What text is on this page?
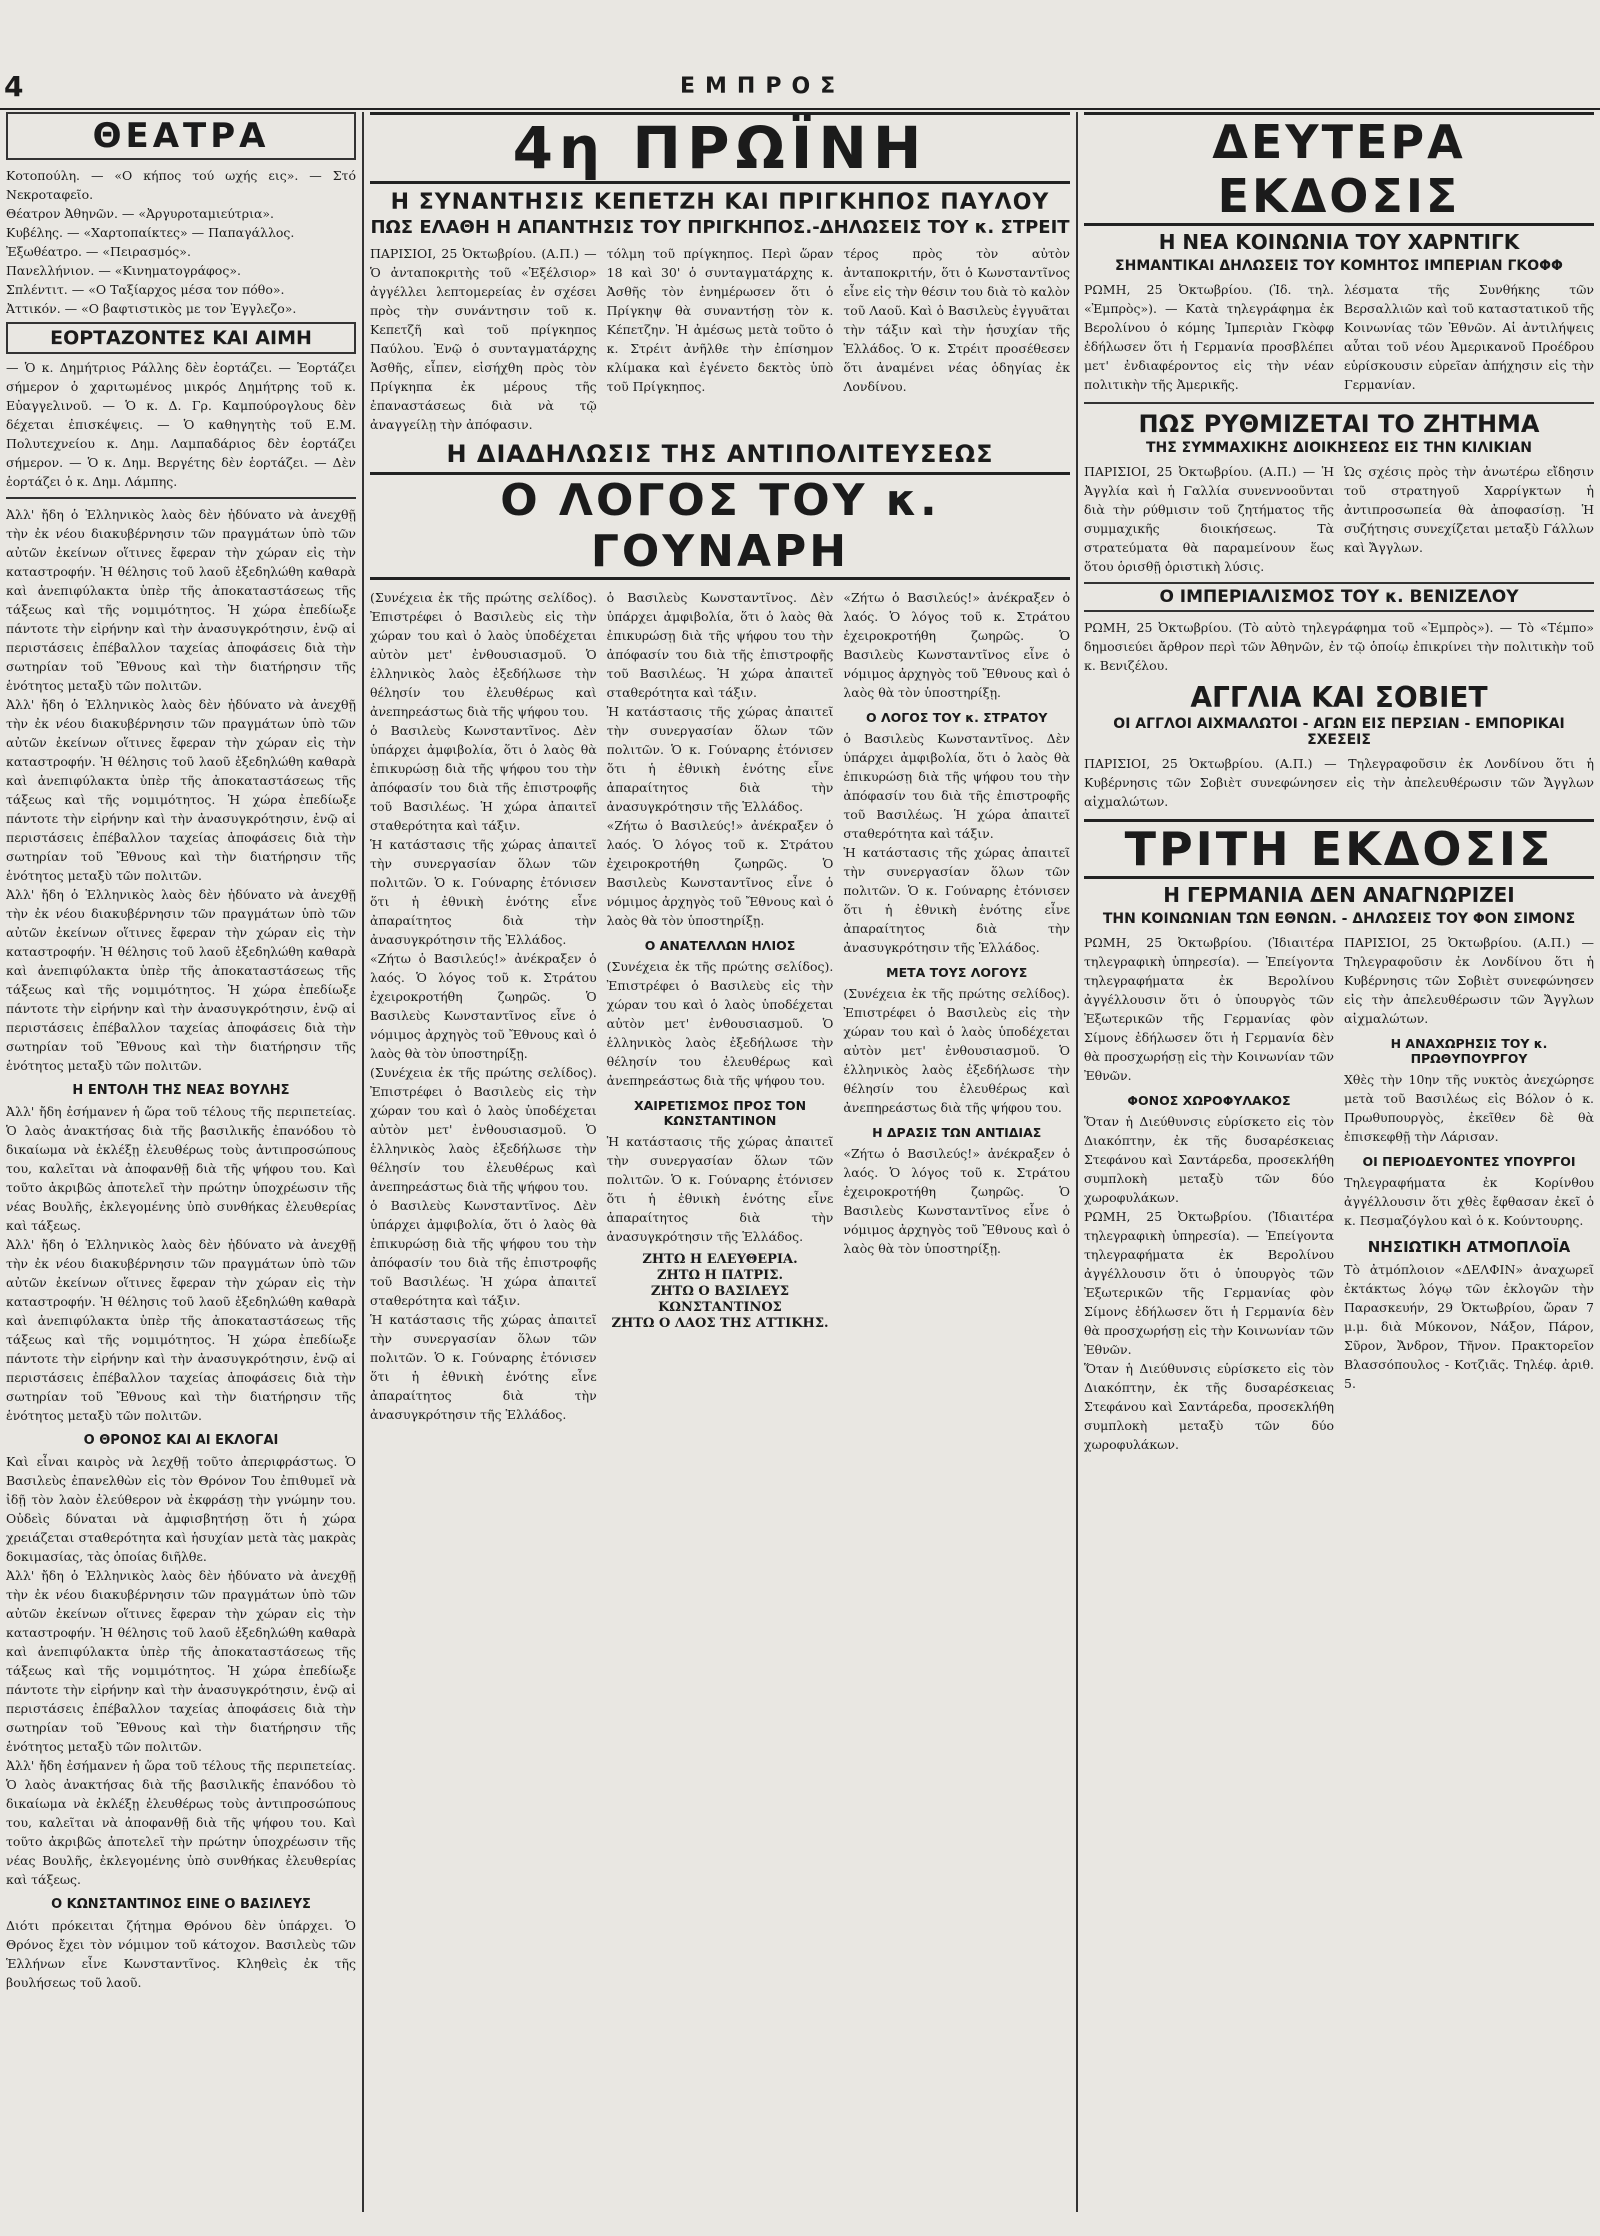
4	ΕΜΠΡΟΣ
ΘΕΑΤΡΑ
Κοτοπούλη. — «Ο κήπος τού ωχής εις». — Στό Νεκροταφεῖο.
Θέατρον Ἀθηνῶν. — «Ἀργυροταμιεύτρια».
Κυβέλης. — «Χαρτοπαίκτες» — Παπαγάλλος.
Ἐξωθέατρο. — «Πειρασμός».
Πανελλήνιον. — «Κινηματογράφος».
Σπλέντιτ. — «Ο Ταξίαρχος μέσα τον πόθο».
Ἀττικόν. — «Ο βαφτιστικὸς με τον Ἐγγλεζο».
ΕΟΡΤΑΖΟΝΤΕΣ ΚΑΙ ΑΙΜΗ
— Ὁ κ. Δημήτριος Ράλλης δὲν ἑορτάζει. — Ἑορτάζει σήμερον ὁ χαριτωμένος μικρός Δημήτρης τοῦ κ. Εὐαγγελινοῦ. — Ὁ κ. Δ. Γρ. Καμπούρογλους δὲν δέχεται ἐπισκέψεις. — Ὁ καθηγητὴς τοῦ Ε.Μ. Πολυτεχνείου κ. Δημ. Λαμπαδάριος δὲν ἑορτάζει σήμερον. — Ὁ κ. Δημ. Βεργέτης δὲν ἑορτάζει. — Δὲν ἑορτάζει ὁ κ. Δημ. Λάμπης.
Ἀλλ' ἤδη ὁ Ἑλληνικὸς λαὸς δὲν ἠδύνατο νὰ ἀνεχθῇ τὴν ἐκ νέου διακυβέρνησιν τῶν πραγμάτων ὑπὸ τῶν αὐτῶν ἐκείνων οἵτινες ἔφεραν τὴν χώραν εἰς τὴν καταστροφήν. Ἡ θέλησις τοῦ λαοῦ ἐξεδηλώθη καθαρὰ καὶ ἀνεπιφύλακτα ὑπὲρ τῆς ἀποκαταστάσεως τῆς τάξεως καὶ τῆς νομιμότητος. Ἡ χώρα ἐπεδίωξε πάντοτε τὴν εἰρήνην καὶ τὴν ἀνασυγκρότησιν, ἐνῷ αἱ περιστάσεις ἐπέβαλλον ταχείας ἀποφάσεις διὰ τὴν σωτηρίαν τοῦ Ἔθνους καὶ τὴν διατήρησιν τῆς ἑνότητος μεταξὺ τῶν πολιτῶν.
Ἀλλ' ἤδη ὁ Ἑλληνικὸς λαὸς δὲν ἠδύνατο νὰ ἀνεχθῇ τὴν ἐκ νέου διακυβέρνησιν τῶν πραγμάτων ὑπὸ τῶν αὐτῶν ἐκείνων οἵτινες ἔφεραν τὴν χώραν εἰς τὴν καταστροφήν. Ἡ θέλησις τοῦ λαοῦ ἐξεδηλώθη καθαρὰ καὶ ἀνεπιφύλακτα ὑπὲρ τῆς ἀποκαταστάσεως τῆς τάξεως καὶ τῆς νομιμότητος. Ἡ χώρα ἐπεδίωξε πάντοτε τὴν εἰρήνην καὶ τὴν ἀνασυγκρότησιν, ἐνῷ αἱ περιστάσεις ἐπέβαλλον ταχείας ἀποφάσεις διὰ τὴν σωτηρίαν τοῦ Ἔθνους καὶ τὴν διατήρησιν τῆς ἑνότητος μεταξὺ τῶν πολιτῶν.
Ἀλλ' ἤδη ὁ Ἑλληνικὸς λαὸς δὲν ἠδύνατο νὰ ἀνεχθῇ τὴν ἐκ νέου διακυβέρνησιν τῶν πραγμάτων ὑπὸ τῶν αὐτῶν ἐκείνων οἵτινες ἔφεραν τὴν χώραν εἰς τὴν καταστροφήν. Ἡ θέλησις τοῦ λαοῦ ἐξεδηλώθη καθαρὰ καὶ ἀνεπιφύλακτα ὑπὲρ τῆς ἀποκαταστάσεως τῆς τάξεως καὶ τῆς νομιμότητος. Ἡ χώρα ἐπεδίωξε πάντοτε τὴν εἰρήνην καὶ τὴν ἀνασυγκρότησιν, ἐνῷ αἱ περιστάσεις ἐπέβαλλον ταχείας ἀποφάσεις διὰ τὴν σωτηρίαν τοῦ Ἔθνους καὶ τὴν διατήρησιν τῆς ἑνότητος μεταξὺ τῶν πολιτῶν.
Η ΕΝΤΟΛΗ ΤΗΣ ΝΕΑΣ ΒΟΥΛΗΣ
Ἀλλ' ἤδη ἐσήμανεν ἡ ὥρα τοῦ τέλους τῆς περιπετείας. Ὁ λαὸς ἀνακτήσας διὰ τῆς βασιλικῆς ἐπανόδου τὸ δικαίωμα νὰ ἐκλέξῃ ἐλευθέρως τοὺς ἀντιπροσώπους του, καλεῖται νὰ ἀποφανθῇ διὰ τῆς ψήφου του. Καὶ τοῦτο ἀκριβῶς ἀποτελεῖ τὴν πρώτην ὑποχρέωσιν τῆς νέας Βουλῆς, ἐκλεγομένης ὑπὸ συνθήκας ἐλευθερίας καὶ τάξεως.
Ἀλλ' ἤδη ὁ Ἑλληνικὸς λαὸς δὲν ἠδύνατο νὰ ἀνεχθῇ τὴν ἐκ νέου διακυβέρνησιν τῶν πραγμάτων ὑπὸ τῶν αὐτῶν ἐκείνων οἵτινες ἔφεραν τὴν χώραν εἰς τὴν καταστροφήν. Ἡ θέλησις τοῦ λαοῦ ἐξεδηλώθη καθαρὰ καὶ ἀνεπιφύλακτα ὑπὲρ τῆς ἀποκαταστάσεως τῆς τάξεως καὶ τῆς νομιμότητος. Ἡ χώρα ἐπεδίωξε πάντοτε τὴν εἰρήνην καὶ τὴν ἀνασυγκρότησιν, ἐνῷ αἱ περιστάσεις ἐπέβαλλον ταχείας ἀποφάσεις διὰ τὴν σωτηρίαν τοῦ Ἔθνους καὶ τὴν διατήρησιν τῆς ἑνότητος μεταξὺ τῶν πολιτῶν.
Ο ΘΡΟΝΟΣ ΚΑΙ ΑΙ ΕΚΛΟΓΑΙ
Καὶ εἶναι καιρὸς νὰ λεχθῇ τοῦτο ἀπεριφράστως. Ὁ Βασιλεὺς ἐπανελθὼν εἰς τὸν Θρόνον Του ἐπιθυμεῖ νὰ ἰδῇ τὸν λαὸν ἐλεύθερον νὰ ἐκφράσῃ τὴν γνώμην του. Οὐδεὶς δύναται νὰ ἀμφισβητήσῃ ὅτι ἡ χώρα χρειάζεται σταθερότητα καὶ ἡσυχίαν μετὰ τὰς μακρὰς δοκιμασίας, τὰς ὁποίας διῆλθε.
Ἀλλ' ἤδη ὁ Ἑλληνικὸς λαὸς δὲν ἠδύνατο νὰ ἀνεχθῇ τὴν ἐκ νέου διακυβέρνησιν τῶν πραγμάτων ὑπὸ τῶν αὐτῶν ἐκείνων οἵτινες ἔφεραν τὴν χώραν εἰς τὴν καταστροφήν. Ἡ θέλησις τοῦ λαοῦ ἐξεδηλώθη καθαρὰ καὶ ἀνεπιφύλακτα ὑπὲρ τῆς ἀποκαταστάσεως τῆς τάξεως καὶ τῆς νομιμότητος. Ἡ χώρα ἐπεδίωξε πάντοτε τὴν εἰρήνην καὶ τὴν ἀνασυγκρότησιν, ἐνῷ αἱ περιστάσεις ἐπέβαλλον ταχείας ἀποφάσεις διὰ τὴν σωτηρίαν τοῦ Ἔθνους καὶ τὴν διατήρησιν τῆς ἑνότητος μεταξὺ τῶν πολιτῶν.
Ἀλλ' ἤδη ἐσήμανεν ἡ ὥρα τοῦ τέλους τῆς περιπετείας. Ὁ λαὸς ἀνακτήσας διὰ τῆς βασιλικῆς ἐπανόδου τὸ δικαίωμα νὰ ἐκλέξῃ ἐλευθέρως τοὺς ἀντιπροσώπους του, καλεῖται νὰ ἀποφανθῇ διὰ τῆς ψήφου του. Καὶ τοῦτο ἀκριβῶς ἀποτελεῖ τὴν πρώτην ὑποχρέωσιν τῆς νέας Βουλῆς, ἐκλεγομένης ὑπὸ συνθήκας ἐλευθερίας καὶ τάξεως.
Ο ΚΩΝΣΤΑΝΤΙΝΟΣ ΕΙΝΕ Ο ΒΑΣΙΛΕΥΣ
Διότι πρόκειται ζήτημα Θρόνου δὲν ὑπάρχει. Ὁ Θρόνος ἔχει τὸν νόμιμον τοῦ κάτοχον. Βασιλεὺς τῶν Ἑλλήνων εἶνε Κωνσταντῖνος. Κληθεὶς ἐκ τῆς βουλήσεως τοῦ λαοῦ.
4η ΠΡΩΪΝΗ
Η ΣΥΝΑΝΤΗΣΙΣ ΚΕΠΕΤΖΗ ΚΑΙ ΠΡΙΓΚΗΠΟΣ ΠΑΥΛΟΥ
ΠΩΣ ΕΛΑΘΗ Η ΑΠΑΝΤΗΣΙΣ ΤΟΥ ΠΡΙΓΚΗΠΟΣ.-ΔΗΛΩΣΕΙΣ ΤΟΥ κ. ΣΤΡΕΙΤ
ΠΑΡΙΣΙΟΙ, 25 Ὀκτωβρίου. (Α.Π.) — Ὁ ἀνταποκριτὴς τοῦ «Ἐξέλσιορ» ἀγγέλλει λεπτομερείας ἐν σχέσει πρὸς τὴν συνάντησιν τοῦ κ. Κεπετζῆ καὶ τοῦ πρίγκηπος Παύλου. Ἐνῷ ὁ συνταγματάρχης Ἀσθῆς, εἶπεν, εἰσήχθη πρὸς τὸν Πρίγκηπα ἐκ μέρους τῆς ἐπαναστάσεως διὰ νὰ τῷ ἀναγγείλῃ τὴν ἀπόφασιν.
τόλμη τοῦ πρίγκηπος. Περὶ ὥραν 18 καὶ 30' ὁ συνταγματάρχης κ. Ἀσθῆς τὸν ἐνημέρωσεν ὅτι ὁ Πρίγκηψ θὰ συναντήσῃ τὸν κ. Κέπετζην. Ἡ ἀμέσως μετὰ τοῦτο ὁ κ. Στρέιτ ἀνῆλθε τὴν ἐπίσημον κλίμακα καὶ ἐγένετο δεκτὸς ὑπὸ τοῦ Πρίγκηπος.
τέρος πρὸς τὸν αὐτὸν ἀνταποκριτήν, ὅτι ὁ Κωνσταντῖνος εἶνε εἰς τὴν θέσιν του διὰ τὸ καλὸν τοῦ Λαοῦ. Καὶ ὁ Βασιλεὺς ἐγγυᾶται τὴν τάξιν καὶ τὴν ἡσυχίαν τῆς Ἑλλάδος. Ὁ κ. Στρέιτ προσέθεσεν ὅτι ἀναμένει νέας ὁδηγίας ἐκ Λονδίνου.
Η ΔΙΑΔΗΛΩΣΙΣ ΤΗΣ ΑΝΤΙΠΟΛΙΤΕΥΣΕΩΣ
Ο ΛΟΓΟΣ ΤΟΥ κ. ΓΟΥΝΑΡΗ
(Συνέχεια ἐκ τῆς πρώτης σελίδος). Ἐπιστρέφει ὁ Βασιλεὺς εἰς τὴν χώραν του καὶ ὁ λαὸς ὑποδέχεται αὐτὸν μετ' ἐνθουσιασμοῦ. Ὁ ἑλληνικὸς λαὸς ἐξεδήλωσε τὴν θέλησίν του ἐλευθέρως καὶ ἀνεπηρεάστως διὰ τῆς ψήφου του.
ὁ Βασιλεὺς Κωνσταντῖνος. Δὲν ὑπάρχει ἀμφιβολία, ὅτι ὁ λαὸς θὰ ἐπικυρώσῃ διὰ τῆς ψήφου του τὴν ἀπόφασίν του διὰ τῆς ἐπιστροφῆς τοῦ Βασιλέως. Ἡ χώρα ἀπαιτεῖ σταθερότητα καὶ τάξιν.
Ἡ κατάστασις τῆς χώρας ἀπαιτεῖ τὴν συνεργασίαν ὅλων τῶν πολιτῶν. Ὁ κ. Γούναρης ἐτόνισεν ὅτι ἡ ἐθνικὴ ἑνότης εἶνε ἀπαραίτητος διὰ τὴν ἀνασυγκρότησιν τῆς Ἑλλάδος.
«Ζήτω ὁ Βασιλεύς!» ἀνέκραξεν ὁ λαός. Ὁ λόγος τοῦ κ. Στράτου ἐχειροκροτήθη ζωηρῶς. Ὁ Βασιλεὺς Κωνσταντῖνος εἶνε ὁ νόμιμος ἀρχηγὸς τοῦ Ἔθνους καὶ ὁ λαὸς θὰ τὸν ὑποστηρίξῃ.
(Συνέχεια ἐκ τῆς πρώτης σελίδος). Ἐπιστρέφει ὁ Βασιλεὺς εἰς τὴν χώραν του καὶ ὁ λαὸς ὑποδέχεται αὐτὸν μετ' ἐνθουσιασμοῦ. Ὁ ἑλληνικὸς λαὸς ἐξεδήλωσε τὴν θέλησίν του ἐλευθέρως καὶ ἀνεπηρεάστως διὰ τῆς ψήφου του.
ὁ Βασιλεὺς Κωνσταντῖνος. Δὲν ὑπάρχει ἀμφιβολία, ὅτι ὁ λαὸς θὰ ἐπικυρώσῃ διὰ τῆς ψήφου του τὴν ἀπόφασίν του διὰ τῆς ἐπιστροφῆς τοῦ Βασιλέως. Ἡ χώρα ἀπαιτεῖ σταθερότητα καὶ τάξιν.
Ἡ κατάστασις τῆς χώρας ἀπαιτεῖ τὴν συνεργασίαν ὅλων τῶν πολιτῶν. Ὁ κ. Γούναρης ἐτόνισεν ὅτι ἡ ἐθνικὴ ἑνότης εἶνε ἀπαραίτητος διὰ τὴν ἀνασυγκρότησιν τῆς Ἑλλάδος.
ὁ Βασιλεὺς Κωνσταντῖνος. Δὲν ὑπάρχει ἀμφιβολία, ὅτι ὁ λαὸς θὰ ἐπικυρώσῃ διὰ τῆς ψήφου του τὴν ἀπόφασίν του διὰ τῆς ἐπιστροφῆς τοῦ Βασιλέως. Ἡ χώρα ἀπαιτεῖ σταθερότητα καὶ τάξιν.
Ἡ κατάστασις τῆς χώρας ἀπαιτεῖ τὴν συνεργασίαν ὅλων τῶν πολιτῶν. Ὁ κ. Γούναρης ἐτόνισεν ὅτι ἡ ἐθνικὴ ἑνότης εἶνε ἀπαραίτητος διὰ τὴν ἀνασυγκρότησιν τῆς Ἑλλάδος.
«Ζήτω ὁ Βασιλεύς!» ἀνέκραξεν ὁ λαός. Ὁ λόγος τοῦ κ. Στράτου ἐχειροκροτήθη ζωηρῶς. Ὁ Βασιλεὺς Κωνσταντῖνος εἶνε ὁ νόμιμος ἀρχηγὸς τοῦ Ἔθνους καὶ ὁ λαὸς θὰ τὸν ὑποστηρίξῃ.
Ο ΑΝΑΤΕΛΛΩΝ ΗΛΙΟΣ
(Συνέχεια ἐκ τῆς πρώτης σελίδος). Ἐπιστρέφει ὁ Βασιλεὺς εἰς τὴν χώραν του καὶ ὁ λαὸς ὑποδέχεται αὐτὸν μετ' ἐνθουσιασμοῦ. Ὁ ἑλληνικὸς λαὸς ἐξεδήλωσε τὴν θέλησίν του ἐλευθέρως καὶ ἀνεπηρεάστως διὰ τῆς ψήφου του.
ΧΑΙΡΕΤΙΣΜΟΣ ΠΡΟΣ ΤΟΝ ΚΩΝΣΤΑΝΤΙΝΟΝ
Ἡ κατάστασις τῆς χώρας ἀπαιτεῖ τὴν συνεργασίαν ὅλων τῶν πολιτῶν. Ὁ κ. Γούναρης ἐτόνισεν ὅτι ἡ ἐθνικὴ ἑνότης εἶνε ἀπαραίτητος διὰ τὴν ἀνασυγκρότησιν τῆς Ἑλλάδος.
ΖΗΤΩ Η ΕΛΕΥΘΕΡΙΑ.
ΖΗΤΩ Η ΠΑΤΡΙΣ.
ΖΗΤΩ Ο ΒΑΣΙΛΕΥΣ ΚΩΝΣΤΑΝΤΙΝΟΣ
ΖΗΤΩ Ο ΛΑΟΣ ΤΗΣ ΑΤΤΙΚΗΣ.
«Ζήτω ὁ Βασιλεύς!» ἀνέκραξεν ὁ λαός. Ὁ λόγος τοῦ κ. Στράτου ἐχειροκροτήθη ζωηρῶς. Ὁ Βασιλεὺς Κωνσταντῖνος εἶνε ὁ νόμιμος ἀρχηγὸς τοῦ Ἔθνους καὶ ὁ λαὸς θὰ τὸν ὑποστηρίξῃ.
Ο ΛΟΓΟΣ ΤΟΥ κ. ΣΤΡΑΤΟΥ
ὁ Βασιλεὺς Κωνσταντῖνος. Δὲν ὑπάρχει ἀμφιβολία, ὅτι ὁ λαὸς θὰ ἐπικυρώσῃ διὰ τῆς ψήφου του τὴν ἀπόφασίν του διὰ τῆς ἐπιστροφῆς τοῦ Βασιλέως. Ἡ χώρα ἀπαιτεῖ σταθερότητα καὶ τάξιν.
Ἡ κατάστασις τῆς χώρας ἀπαιτεῖ τὴν συνεργασίαν ὅλων τῶν πολιτῶν. Ὁ κ. Γούναρης ἐτόνισεν ὅτι ἡ ἐθνικὴ ἑνότης εἶνε ἀπαραίτητος διὰ τὴν ἀνασυγκρότησιν τῆς Ἑλλάδος.
ΜΕΤΑ ΤΟΥΣ ΛΟΓΟΥΣ
(Συνέχεια ἐκ τῆς πρώτης σελίδος). Ἐπιστρέφει ὁ Βασιλεὺς εἰς τὴν χώραν του καὶ ὁ λαὸς ὑποδέχεται αὐτὸν μετ' ἐνθουσιασμοῦ. Ὁ ἑλληνικὸς λαὸς ἐξεδήλωσε τὴν θέλησίν του ἐλευθέρως καὶ ἀνεπηρεάστως διὰ τῆς ψήφου του.
Η ΔΡΑΣΙΣ ΤΩΝ ΑΝΤΙΔΙΑΣ
«Ζήτω ὁ Βασιλεύς!» ἀνέκραξεν ὁ λαός. Ὁ λόγος τοῦ κ. Στράτου ἐχειροκροτήθη ζωηρῶς. Ὁ Βασιλεὺς Κωνσταντῖνος εἶνε ὁ νόμιμος ἀρχηγὸς τοῦ Ἔθνους καὶ ὁ λαὸς θὰ τὸν ὑποστηρίξῃ.
ΔΕΥΤΕΡΑ ΕΚΔΟΣΙΣ
Η ΝΕΑ ΚΟΙΝΩΝΙΑ ΤΟΥ ΧΑΡΝΤΙΓΚ
ΣΗΜΑΝΤΙΚΑΙ ΔΗΛΩΣΕΙΣ ΤΟΥ ΚΟΜΗΤΟΣ ΙΜΠΕΡΙΑΝ ΓΚΟΦΦ
ΡΩΜΗ, 25 Ὀκτωβρίου. (Ἰδ. τηλ. «Ἐμπρὸς»). — Κατὰ τηλεγράφημα ἐκ Βερολίνου ὁ κόμης Ἰμπεριὰν Γκὸφφ ἐδήλωσεν ὅτι ἡ Γερμανία προσβλέπει μετ' ἐνδιαφέροντος εἰς τὴν νέαν πολιτικὴν τῆς Ἀμερικῆς.
λέσματα τῆς Συνθήκης τῶν Βερσαλλιῶν καὶ τοῦ καταστατικοῦ τῆς Κοινωνίας τῶν Ἐθνῶν. Αἱ ἀντιλήψεις αὗται τοῦ νέου Ἀμερικανοῦ Προέδρου εὑρίσκουσιν εὐρεῖαν ἀπήχησιν εἰς τὴν Γερμανίαν.
ΠΩΣ ΡΥΘΜΙΖΕΤΑΙ ΤΟ ΖΗΤΗΜΑ
ΤΗΣ ΣΥΜΜΑΧΙΚΗΣ ΔΙΟΙΚΗΣΕΩΣ ΕΙΣ ΤΗΝ ΚΙΛΙΚΙΑΝ
ΠΑΡΙΣΙΟΙ, 25 Ὀκτωβρίου. (Α.Π.) — Ἡ Ἀγγλία καὶ ἡ Γαλλία συνεννοοῦνται διὰ τὴν ρύθμισιν τοῦ ζητήματος τῆς συμμαχικῆς διοικήσεως. Τὰ στρατεύματα θὰ παραμείνουν ἕως ὅτου ὁρισθῇ ὁριστικὴ λύσις.
Ὡς σχέσις πρὸς τὴν ἀνωτέρω εἴδησιν τοῦ στρατηγοῦ Χαρρίγκτων ἡ ἀντιπροσωπεία θὰ ἀποφασίσῃ. Ἡ συζήτησις συνεχίζεται μεταξὺ Γάλλων καὶ Ἄγγλων.
Ο ΙΜΠΕΡΙΑΛΙΣΜΟΣ ΤΟΥ κ. ΒΕΝΙΖΕΛΟΥ
ΡΩΜΗ, 25 Ὀκτωβρίου. (Τὸ αὐτὸ τηλεγράφημα τοῦ «Ἐμπρὸς»). — Τὸ «Τέμπο» δημοσιεύει ἄρθρον περὶ τῶν Ἀθηνῶν, ἐν τῷ ὁποίῳ ἐπικρίνει τὴν πολιτικὴν τοῦ κ. Βενιζέλου.
ΑΓΓΛΙΑ ΚΑΙ ΣΟΒΙΕΤ
ΟΙ ΑΓΓΛΟΙ ΑΙΧΜΑΛΩΤΟΙ - ΑΓΩΝ ΕΙΣ ΠΕΡΣΙΑΝ - ΕΜΠΟΡΙΚΑΙ ΣΧΕΣΕΙΣ
ΠΑΡΙΣΙΟΙ, 25 Ὀκτωβρίου. (Α.Π.) — Τηλεγραφοῦσιν ἐκ Λονδίνου ὅτι ἡ Κυβέρνησις τῶν Σοβιὲτ συνεφώνησεν εἰς τὴν ἀπελευθέρωσιν τῶν Ἄγγλων αἰχμαλώτων.
ΤΡΙΤΗ ΕΚΔΟΣΙΣ
Η ΓΕΡΜΑΝΙΑ ΔΕΝ ΑΝΑΓΝΩΡΙΖΕΙ
ΤΗΝ ΚΟΙΝΩΝΙΑΝ ΤΩΝ ΕΘΝΩΝ. - ΔΗΛΩΣΕΙΣ ΤΟΥ ΦΟΝ ΣΙΜΟΝΣ
ΡΩΜΗ, 25 Ὀκτωβρίου. (Ἰδιαιτέρα τηλεγραφικὴ ὑπηρεσία). — Ἐπείγοντα τηλεγραφήματα ἐκ Βερολίνου ἀγγέλλουσιν ὅτι ὁ ὑπουργὸς τῶν Ἐξωτερικῶν τῆς Γερμανίας φὸν Σίμονς ἐδήλωσεν ὅτι ἡ Γερμανία δὲν θὰ προσχωρήσῃ εἰς τὴν Κοινωνίαν τῶν Ἐθνῶν.
ΦΟΝΟΣ ΧΩΡΟΦΥΛΑΚΟΣ
Ὅταν ἡ Διεύθυνσις εὑρίσκετο εἰς τὸν Διακόπτην, ἐκ τῆς δυσαρέσκειας Στεφάνου καὶ Σαντάρεδα, προσεκλήθη συμπλοκὴ μεταξὺ τῶν δύο χωροφυλάκων.
ΡΩΜΗ, 25 Ὀκτωβρίου. (Ἰδιαιτέρα τηλεγραφικὴ ὑπηρεσία). — Ἐπείγοντα τηλεγραφήματα ἐκ Βερολίνου ἀγγέλλουσιν ὅτι ὁ ὑπουργὸς τῶν Ἐξωτερικῶν τῆς Γερμανίας φὸν Σίμονς ἐδήλωσεν ὅτι ἡ Γερμανία δὲν θὰ προσχωρήσῃ εἰς τὴν Κοινωνίαν τῶν Ἐθνῶν.
Ὅταν ἡ Διεύθυνσις εὑρίσκετο εἰς τὸν Διακόπτην, ἐκ τῆς δυσαρέσκειας Στεφάνου καὶ Σαντάρεδα, προσεκλήθη συμπλοκὴ μεταξὺ τῶν δύο χωροφυλάκων.
ΠΑΡΙΣΙΟΙ, 25 Ὀκτωβρίου. (Α.Π.) — Τηλεγραφοῦσιν ἐκ Λονδίνου ὅτι ἡ Κυβέρνησις τῶν Σοβιὲτ συνεφώνησεν εἰς τὴν ἀπελευθέρωσιν τῶν Ἄγγλων αἰχμαλώτων.
Η ΑΝΑΧΩΡΗΣΙΣ ΤΟΥ κ. ΠΡΩΘΥΠΟΥΡΓΟΥ
Χθὲς τὴν 10ην τῆς νυκτὸς ἀνεχώρησε μετὰ τοῦ Βασιλέως εἰς Βόλον ὁ κ. Πρωθυπουργὸς, ἐκεῖθεν δὲ θὰ ἐπισκεφθῇ τὴν Λάρισαν.
ΟΙ ΠΕΡΙΟΔΕΥΟΝΤΕΣ ΥΠΟΥΡΓΟΙ
Τηλεγραφήματα ἐκ Κορίνθου ἀγγέλλουσιν ὅτι χθὲς ἔφθασαν ἐκεῖ ὁ κ. Πεσμαζόγλου καὶ ὁ κ. Κούντουρης.
ΝΗΣΙΩΤΙΚΗ ΑΤΜΟΠΛΟΪΑ
Τὸ ἀτμόπλοιον «ΔΕΛΦΙΝ» ἀναχωρεῖ ἐκτάκτως λόγῳ τῶν ἐκλογῶν τὴν Παρασκευήν, 29 Ὀκτωβρίου, ὥραν 7 μ.μ. διὰ Μύκονον, Νάξον, Πάρον, Σῦρον, Ἄνδρον, Τῆνον. Πρακτορεῖον Βλασσόπουλος - Κοτζιᾶς. Τηλέφ. ἀριθ. 5.
